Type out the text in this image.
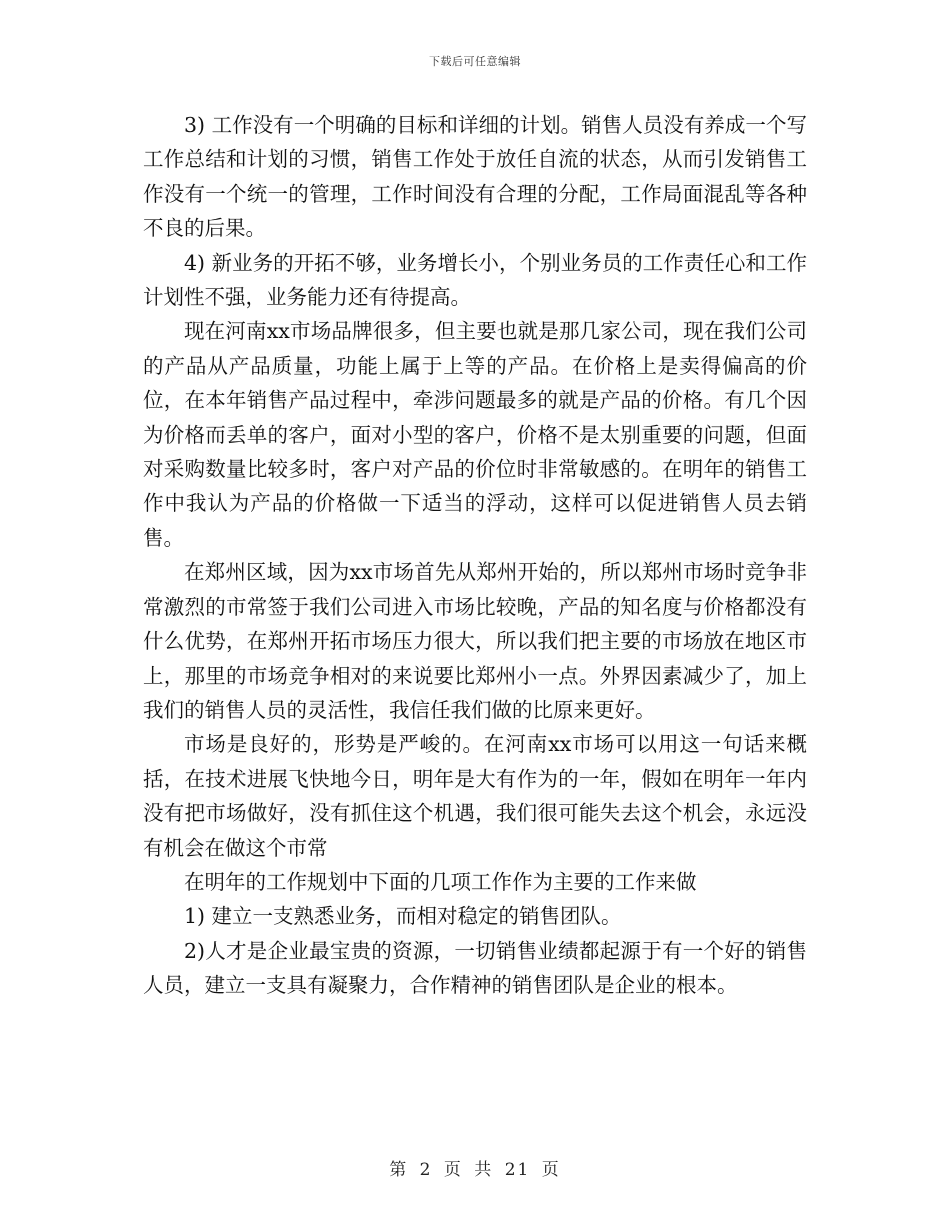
下载后可任意编辑

3) 工作没有一个明确的目标和详细的计划。销售人员没有养成一个写工作总结和计划的习惯，销售工作处于放任自流的状态，从而引发销售工作没有一个统一的管理，工作时间没有合理的分配，工作局面混乱等各种不良的后果。

4) 新业务的开拓不够，业务增长小，个别业务员的工作责任心和工作计划性不强，业务能力还有待提高。

现在河南xx市场品牌很多，但主要也就是那几家公司，现在我们公司的产品从产品质量，功能上属于上等的产品。在价格上是卖得偏高的价位，在本年销售产品过程中，牵涉问题最多的就是产品的价格。有几个因为价格而丢单的客户，面对小型的客户，价格不是太别重要的问题，但面对采购数量比较多时，客户对产品的价位时非常敏感的。在明年的销售工作中我认为产品的价格做一下适当的浮动，这样可以促进销售人员去销售。

在郑州区域，因为xx市场首先从郑州开始的，所以郑州市场时竞争非常激烈的市常签于我们公司进入市场比较晚，产品的知名度与价格都没有什么优势，在郑州开拓市场压力很大，所以我们把主要的市场放在地区市上，那里的市场竞争相对的来说要比郑州小一点。外界因素减少了，加上我们的销售人员的灵活性，我信任我们做的比原来更好。

市场是良好的，形势是严峻的。在河南xx市场可以用这一句话来概括，在技术进展飞快地今日，明年是大有作为的一年，假如在明年一年内没有把市场做好，没有抓住这个机遇，我们很可能失去这个机会，永远没有机会在做这个市常

在明年的工作规划中下面的几项工作作为主要的工作来做

1) 建立一支熟悉业务，而相对稳定的销售团队。

2)人才是企业最宝贵的资源，一切销售业绩都起源于有一个好的销售人员，建立一支具有凝聚力，合作精神的销售团队是企业的根本。

第 2 页 共 21 页
